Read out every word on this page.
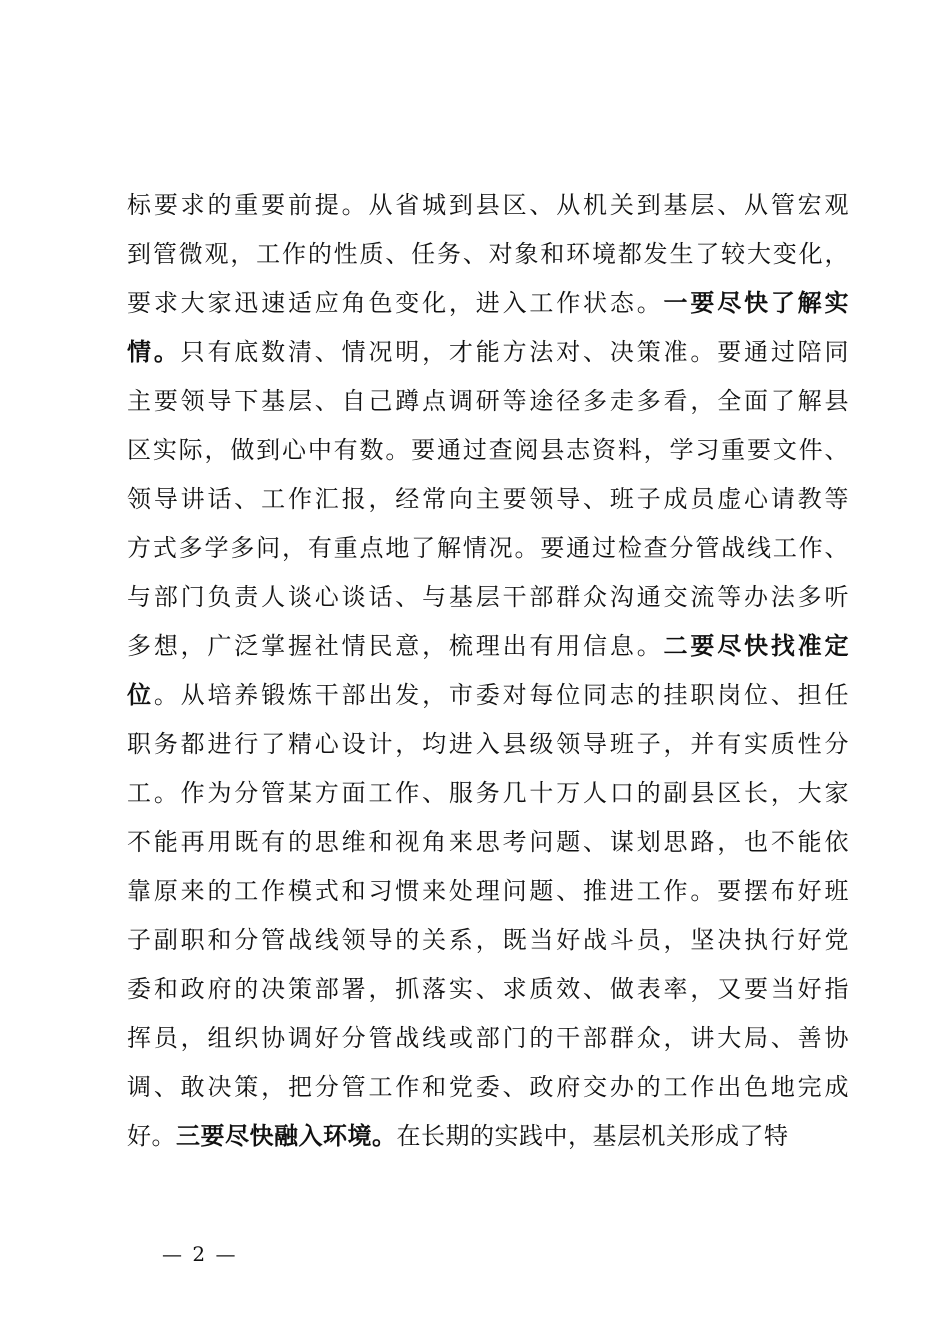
标要求的重要前提。从省城到县区、从机关到基层、从管宏观
到管微观，工作的性质、任务、对象和环境都发生了较大变化，
要求大家迅速适应角色变化，进入工作状态。一要尽快了解实
情。只有底数清、情况明，才能方法对、决策准。要通过陪同
主要领导下基层、自己蹲点调研等途径多走多看，全面了解县
区实际，做到心中有数。要通过查阅县志资料，学习重要文件、
领导讲话、工作汇报，经常向主要领导、班子成员虚心请教等
方式多学多问，有重点地了解情况。要通过检查分管战线工作、
与部门负责人谈心谈话、与基层干部群众沟通交流等办法多听
多想，广泛掌握社情民意，梳理出有用信息。二要尽快找准定
位。从培养锻炼干部出发，市委对每位同志的挂职岗位、担任
职务都进行了精心设计，均进入县级领导班子，并有实质性分
工。作为分管某方面工作、服务几十万人口的副县区长，大家
不能再用既有的思维和视角来思考问题、谋划思路，也不能依
靠原来的工作模式和习惯来处理问题、推进工作。要摆布好班
子副职和分管战线领导的关系，既当好战斗员，坚决执行好党
委和政府的决策部署，抓落实、求质效、做表率，又要当好指
挥员，组织协调好分管战线或部门的干部群众，讲大局、善协
调、敢决策，把分管工作和党委、政府交办的工作出色地完成
好。三要尽快融入环境。在长期的实践中，基层机关形成了特
— 2 —
